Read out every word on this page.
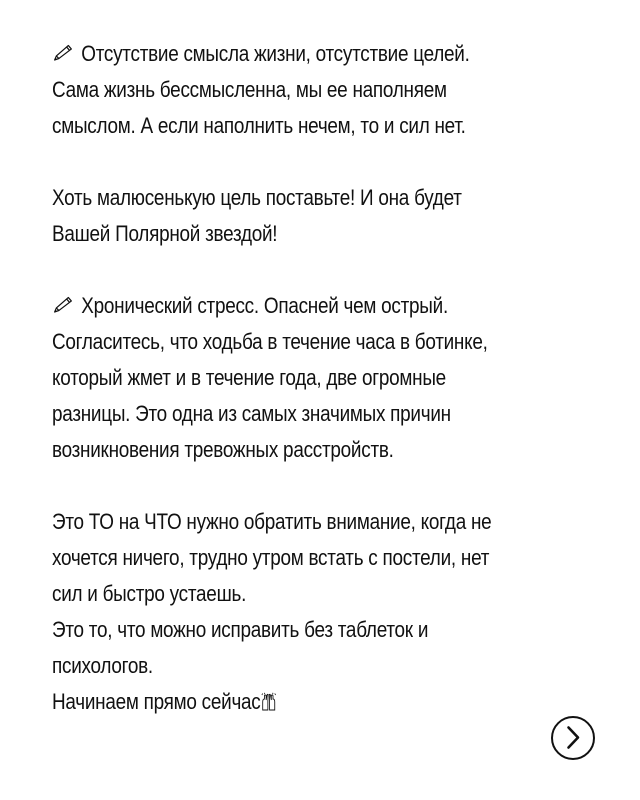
Отсутствие смысла жизни, отсутствие целей.
Сама жизнь бессмысленна, мы ее наполняем
смыслом. А если наполнить нечем, то и сил нет.
Хоть малюсенькую цель поставьте! И она будет
Вашей Полярной звездой!
Хронический стресс. Опасней чем острый.
Согласитесь, что ходьба в течение часа в ботинке,
который жмет и в течение года, две огромные
разницы. Это одна из самых значимых причин
возникновения тревожных расстройств.
Это ТО на ЧТО нужно обратить внимание, когда не
хочется ничего, трудно утром встать с постели, нет
сил и быстро устаешь.
Это то, что можно исправить без таблеток и
психологов.
Начинаем прямо сейчас
